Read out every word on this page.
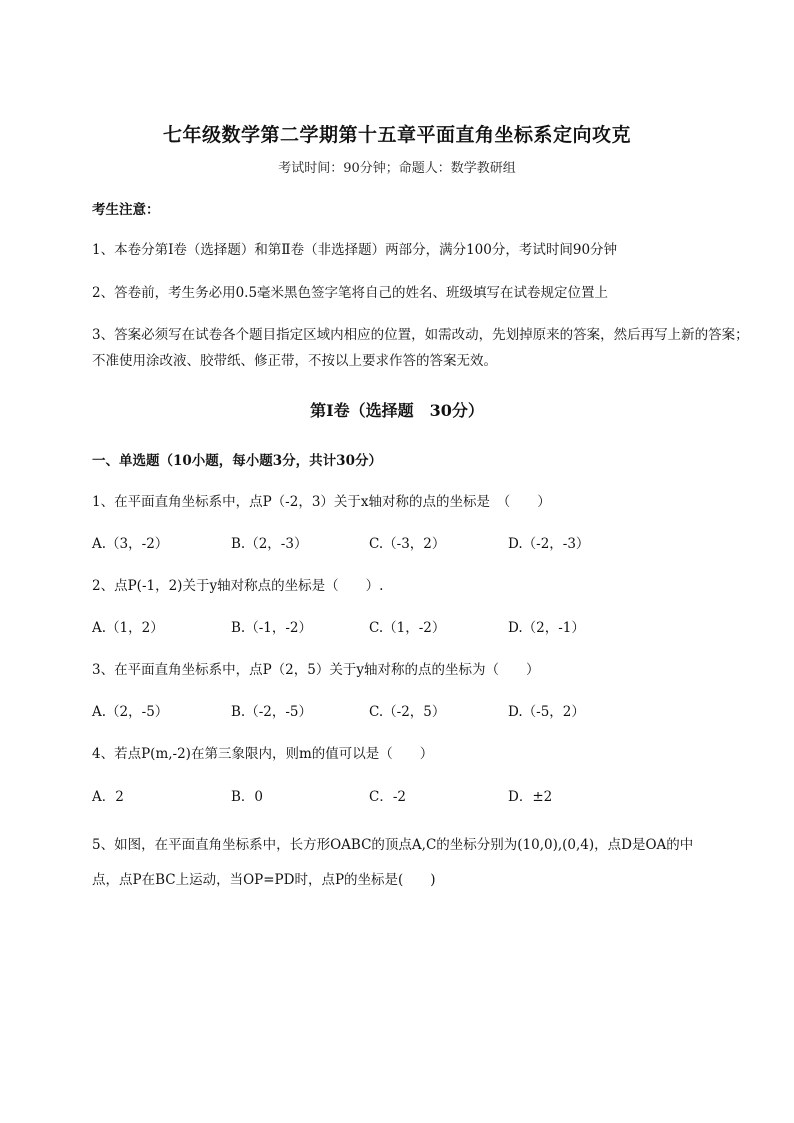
七年级数学第二学期第十五章平面直角坐标系定向攻克
考试时间：90分钟；命题人：数学教研组
考生注意：
1、本卷分第I卷（选择题）和第Ⅱ卷（非选择题）两部分，满分100分，考试时间90分钟
2、答卷前，考生务必用0.5毫米黑色签字笔将自己的姓名、班级填写在试卷规定位置上
3、答案必须写在试卷各个题目指定区域内相应的位置，如需改动，先划掉原来的答案，然后再写上新的答案；不准使用涂改液、胶带纸、修正带，不按以上要求作答的答案无效。
第I卷（选择题　30分）
一、单选题（10小题，每小题3分，共计30分）
1、在平面直角坐标系中，点P（-2，3）关于x轴对称的点的坐标是　（　　）
A.（3，-2）	B.（2，-3）	C.（-3，2）	D.（-2，-3）
2、点P(-1，2)关于y轴对称点的坐标是（　　）.
A.（1，2）	B.（-1，-2）	C.（1，-2）	D.（2，-1）
3、在平面直角坐标系中，点P（2，5）关于y轴对称的点的坐标为（　　）
A.（2，-5）	B.（-2，-5）	C.（-2，5）	D.（-5，2）
4、若点P(m,-2)在第三象限内，则m的值可以是（　　）
A．2	B．0	C．-2	D．±2
5、如图，在平面直角坐标系中，长方形OABC的顶点A,C的坐标分别为(10,0),(0,4)，点D是OA的中
点，点P在BC上运动，当OP=PD时，点P的坐标是(　　)
